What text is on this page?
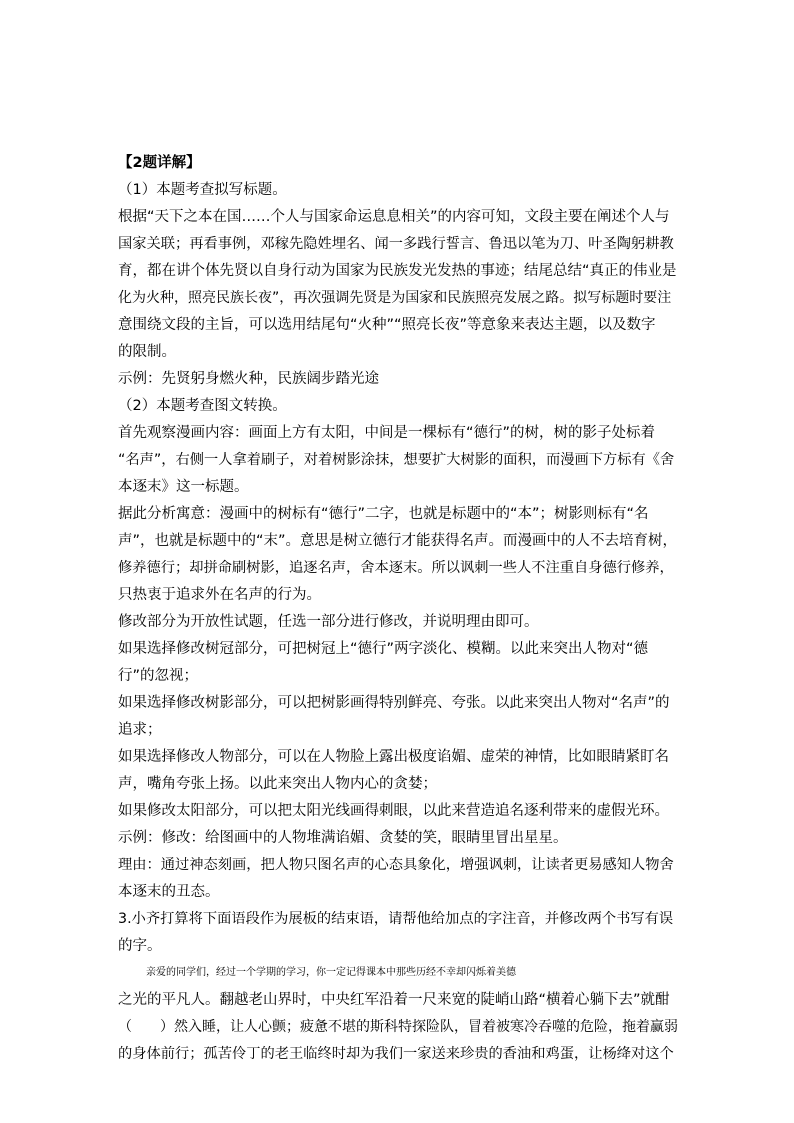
【2题详解】
（1）本题考查拟写标题。
根据“天下之本在国……个人与国家命运息息相关”的内容可知，文段主要在阐述个人与
国家关联；再看事例，邓稼先隐姓埋名、闻一多践行誓言、鲁迅以笔为刀、叶圣陶躬耕教
育，都在讲个体先贤以自身行动为国家为民族发光发热的事迹；结尾总结“真正的伟业是
化为火种，照亮民族长夜”，再次强调先贤是为国家和民族照亮发展之路。拟写标题时要注
意围绕文段的主旨，可以选用结尾句“火种”“照亮长夜”等意象来表达主题，以及数字
的限制。
示例：先贤躬身燃火种，民族阔步踏光途
（2）本题考查图文转换。
首先观察漫画内容：画面上方有太阳，中间是一棵标有“德行”的树，树的影子处标着
“名声”，右侧一人拿着刷子，对着树影涂抹，想要扩大树影的面积，而漫画下方标有《舍
本逐末》这一标题。
据此分析寓意：漫画中的树标有“德行”二字，也就是标题中的“本”；树影则标有“名
声”，也就是标题中的“末”。意思是树立德行才能获得名声。而漫画中的人不去培育树，
修养德行；却拼命刷树影，追逐名声，舍本逐末。所以讽刺一些人不注重自身德行修养，
只热衷于追求外在名声的行为。
修改部分为开放性试题，任选一部分进行修改，并说明理由即可。
如果选择修改树冠部分，可把树冠上“德行”两字淡化、模糊。以此来突出人物对“德
行”的忽视；
如果选择修改树影部分，可以把树影画得特别鲜亮、夸张。以此来突出人物对“名声”的
追求；
如果选择修改人物部分，可以在人物脸上露出极度谄媚、虚荣的神情，比如眼睛紧盯名
声，嘴角夸张上扬。以此来突出人物内心的贪婪；
如果修改太阳部分，可以把太阳光线画得刺眼，以此来营造追名逐利带来的虚假光环。
示例：修改：给图画中的人物堆满谄媚、贪婪的笑，眼睛里冒出星星。
理由：通过神态刻画，把人物只图名声的心态具象化，增强讽刺，让读者更易感知人物舍
本逐末的丑态。
3.小齐打算将下面语段作为展板的结束语，请帮他给加点的字注音，并修改两个书写有误
的字。
亲爱的同学们，经过一个学期的学习，你一定记得课本中那些历经不幸却闪烁着美德
之光的平凡人。翻越老山界时，中央红军沿着一尺来宽的陡峭山路“横着心躺下去”就酣
（　　）然入睡，让人心颤；疲惫不堪的斯科特探险队，冒着被寒冷吞噬的危险，拖着赢弱
的身体前行；孤苦伶丁的老王临终时却为我们一家送来珍贵的香油和鸡蛋，让杨绛对这个
